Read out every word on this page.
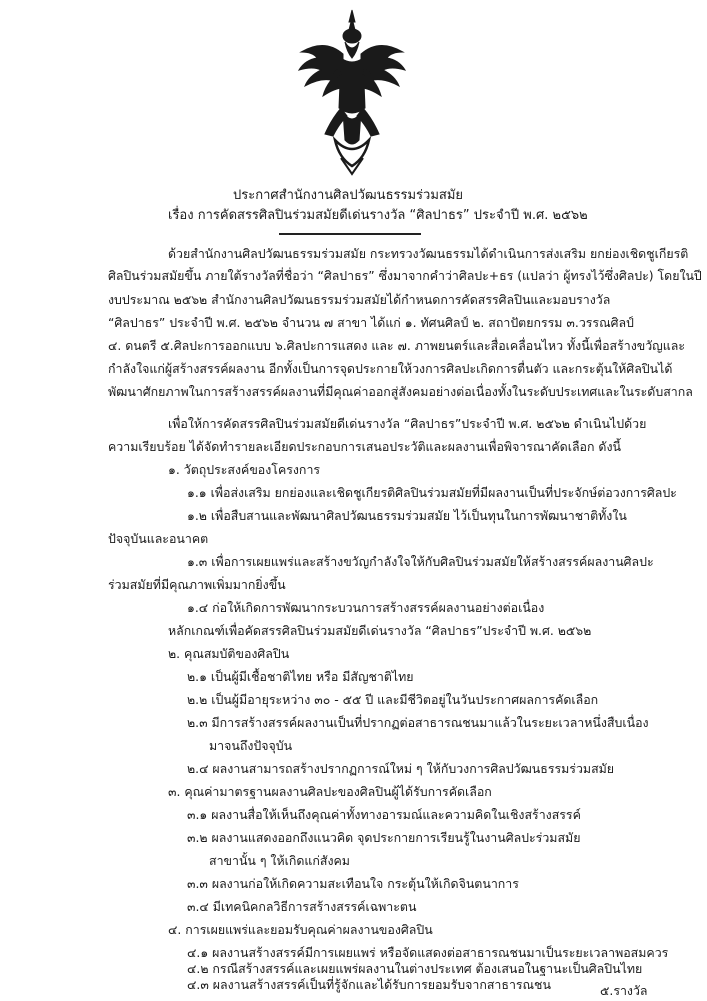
ประกาศสำนักงานศิลปวัฒนธรรมร่วมสมัย
เรื่อง การคัดสรรศิลปินร่วมสมัยดีเด่นรางวัล “ศิลปาธร” ประจำปี พ.ศ. ๒๕๖๒
ด้วยสำนักงานศิลปวัฒนธรรมร่วมสมัย กระทรวงวัฒนธรรมได้ดำเนินการส่งเสริม ยกย่องเชิดชูเกียรติ
ศิลปินร่วมสมัยขึ้น ภายใต้รางวัลที่ชื่อว่า “ศิลปาธร” ซึ่งมาจากคำว่าศิลปะ+ธร (แปลว่า ผู้ทรงไว้ซึ่งศิลปะ) โดยในปี
งบประมาณ ๒๕๖๒ สำนักงานศิลปวัฒนธรรมร่วมสมัยได้กำหนดการคัดสรรศิลปินและมอบรางวัล
“ศิลปาธร” ประจำปี พ.ศ. ๒๕๖๒ จำนวน ๗ สาขา ได้แก่ ๑. ทัศนศิลป์ ๒. สถาปัตยกรรม ๓.วรรณศิลป์
๔. ดนตรี ๕.ศิลปะการออกแบบ ๖.ศิลปะการแสดง และ ๗. ภาพยนตร์และสื่อเคลื่อนไหว ทั้งนี้เพื่อสร้างขวัญและ
กำลังใจแก่ผู้สร้างสรรค์ผลงาน อีกทั้งเป็นการจุดประกายให้วงการศิลปะเกิดการตื่นตัว และกระตุ้นให้ศิลปินได้
พัฒนาศักยภาพในการสร้างสรรค์ผลงานที่มีคุณค่าออกสู่สังคมอย่างต่อเนื่องทั้งในระดับประเทศและในระดับสากล
เพื่อให้การคัดสรรศิลปินร่วมสมัยดีเด่นรางวัล “ศิลปาธร”ประจำปี พ.ศ. ๒๕๖๒ ดำเนินไปด้วย
ความเรียบร้อย ได้จัดทำรายละเอียดประกอบการเสนอประวัติและผลงานเพื่อพิจารณาคัดเลือก ดังนี้
๑. วัตถุประสงค์ของโครงการ
๑.๑ เพื่อส่งเสริม ยกย่องและเชิดชูเกียรติศิลปินร่วมสมัยที่มีผลงานเป็นที่ประจักษ์ต่อวงการศิลปะ
๑.๒ เพื่อสืบสานและพัฒนาศิลปวัฒนธรรมร่วมสมัย ไว้เป็นทุนในการพัฒนาชาติทั้งใน
ปัจจุบันและอนาคต
๑.๓ เพื่อการเผยแพร่และสร้างขวัญกำลังใจให้กับศิลปินร่วมสมัยให้สร้างสรรค์ผลงานศิลปะ
ร่วมสมัยที่มีคุณภาพเพิ่มมากยิ่งขึ้น
๑.๔ ก่อให้เกิดการพัฒนากระบวนการสร้างสรรค์ผลงานอย่างต่อเนื่อง
หลักเกณฑ์เพื่อคัดสรรศิลปินร่วมสมัยดีเด่นรางวัล “ศิลปาธร”ประจำปี พ.ศ. ๒๕๖๒
๒. คุณสมบัติของศิลปิน
๒.๑ เป็นผู้มีเชื้อชาติไทย หรือ มีสัญชาติไทย
๒.๒ เป็นผู้มีอายุระหว่าง ๓๐ - ๕๕ ปี และมีชีวิตอยู่ในวันประกาศผลการคัดเลือก
๒.๓ มีการสร้างสรรค์ผลงานเป็นที่ปรากฏต่อสาธารณชนมาแล้วในระยะเวลาหนึ่งสืบเนื่อง
มาจนถึงปัจจุบัน
๒.๔ ผลงานสามารถสร้างปรากฏการณ์ใหม่ ๆ ให้กับวงการศิลปวัฒนธรรมร่วมสมัย
๓. คุณค่ามาตรฐานผลงานศิลปะของศิลปินผู้ได้รับการคัดเลือก
๓.๑ ผลงานสื่อให้เห็นถึงคุณค่าทั้งทางอารมณ์และความคิดในเชิงสร้างสรรค์
๓.๒ ผลงานแสดงออกถึงแนวคิด จุดประกายการเรียนรู้ในงานศิลปะร่วมสมัย
สาขานั้น ๆ ให้เกิดแก่สังคม
๓.๓ ผลงานก่อให้เกิดความสะเทือนใจ กระตุ้นให้เกิดจินตนาการ
๓.๔ มีเทคนิคกลวิธีการสร้างสรรค์เฉพาะตน
๔. การเผยแพร่และยอมรับคุณค่าผลงานของศิลปิน
๔.๑ ผลงานสร้างสรรค์มีการเผยแพร่ หรือจัดแสดงต่อสาธารณชนมาเป็นระยะเวลาพอสมควร
๔.๒ กรณีสร้างสรรค์และเผยแพร่ผลงานในต่างประเทศ ต้องเสนอในฐานะเป็นศิลปินไทย
๔.๓ ผลงานสร้างสรรค์เป็นที่รู้จักและได้รับการยอมรับจากสาธารณชน	๕.รางวัล
